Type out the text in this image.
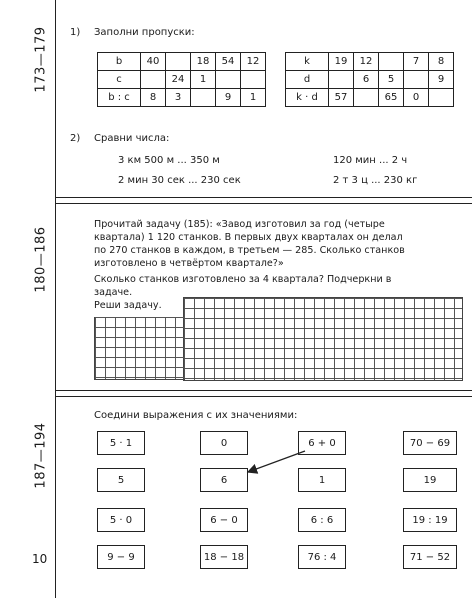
173—179
180—186
187—194
10
1) Заполни пропуски:
b	40		18	54	12
c		24	1		
b : c	8	3		9	1
k	19	12		7	8
d		6	5		9
k · d	57		65	0	
2) Сравни числа:
3 км 500 м ... 350 м	120 мин ... 2 ч
2 мин 30 сек ... 230 сек	2 т 3 ц ... 230 кг
Прочитай задачу (185): «Завод изготовил за год (четыре
квартала) 1 120 станков. В первых двух кварталах он делал
по 270 станков в каждом, в третьем — 285. Сколько станков
изготовлено в четвёртом квартале?»
Сколько станков изготовлено за 4 квартала? Подчеркни в
задаче.
Реши задачу.
Соедини выражения с их значениями:
5 · 1	0	6 + 0	70 − 69
5	6	1	19
5 · 0	6 − 0	6 : 6	19 : 19
9 − 9	18 − 18	76 : 4	71 − 52
